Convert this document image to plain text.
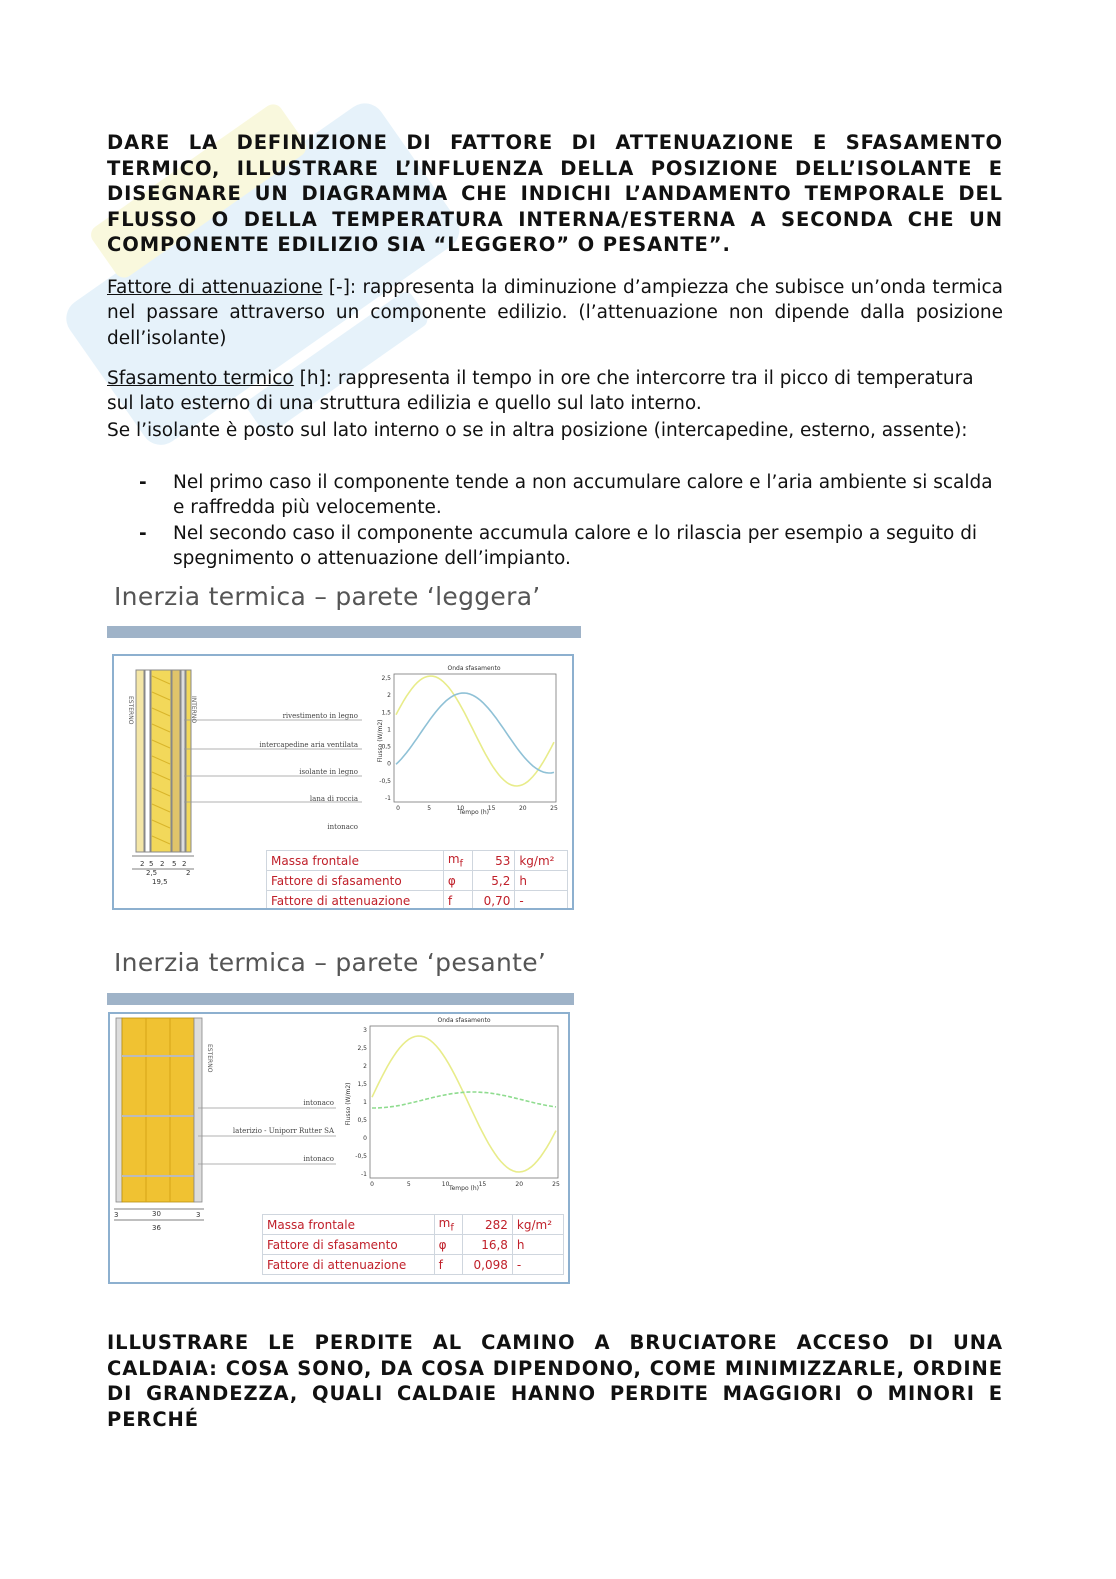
DARE LA DEFINIZIONE DI FATTORE DI ATTENUAZIONE E SFASAMENTO TERMICO, ILLUSTRARE L’INFLUENZA DELLA POSIZIONE DELL’ISOLANTE E DISEGNARE UN DIAGRAMMA CHE INDICHI L’ANDAMENTO TEMPORALE DEL FLUSSO O DELLA TEMPERATURA INTERNA/ESTERNA A SECONDA CHE UN COMPONENTE EDILIZIO SIA “LEGGERO” O PESANTE”.
Fattore di attenuazione [-]: rappresenta la diminuzione d’ampiezza che subisce un’onda termica nel passare attraverso un componente edilizio. (l’attenuazione non dipende dalla posizione dell’isolante)
Sfasamento termico [h]: rappresenta il tempo in ore che intercorre tra il picco di temperatura sul lato esterno di una struttura edilizia e quello sul lato interno.
Se l’isolante è posto sul lato interno o se in altra posizione (intercapedine, esterno, assente):
- Nel primo caso il componente tende a non accumulare calore e l’aria ambiente si scalda e raffredda più velocemente.
- Nel secondo caso il componente accumula calore e lo rilascia per esempio a seguito di spegnimento o attenuazione dell’impianto.
Inerzia termica – parete ‘leggera’
ESTERNO	INTERNO	rivestimento in legno
intercapedine aria ventilata
isolante in legno
lana di roccia
intonaco
2 5 2 5 2
2,5	2
19,5
Onda sfasamento
Tempo (h)
Flusso (W/m2)
0	5	10	15	20	25
2,5
2
1,5
1
0,5
0
-0,5
-1
Massa frontale	$m_f$	53	kg/m²
Fattore di sfasamento	φ	5,2	h
Fattore di attenuazione	f	0,70	-
Inerzia termica – parete ‘pesante’
ESTERNO
intonaco
laterizio - Uniporr Rutter SA
intonaco
3	30	3
36
Onda sfasamento
Tempo (h)
Flusso (W/m2)
0	5	10	15	20	25
3
2,5
2
1,5
1
0,5
0
-0,5
-1
Massa frontale	$m_f$	282	kg/m²
Fattore di sfasamento	φ	16,8	h
Fattore di attenuazione	f	0,098	-
ILLUSTRARE LE PERDITE AL CAMINO A BRUCIATORE ACCESO DI UNA CALDAIA: COSA SONO, DA COSA DIPENDONO, COME MINIMIZZARLE, ORDINE DI GRANDEZZA, QUALI CALDAIE HANNO PERDITE MAGGIORI O MINORI E PERCHÉ
